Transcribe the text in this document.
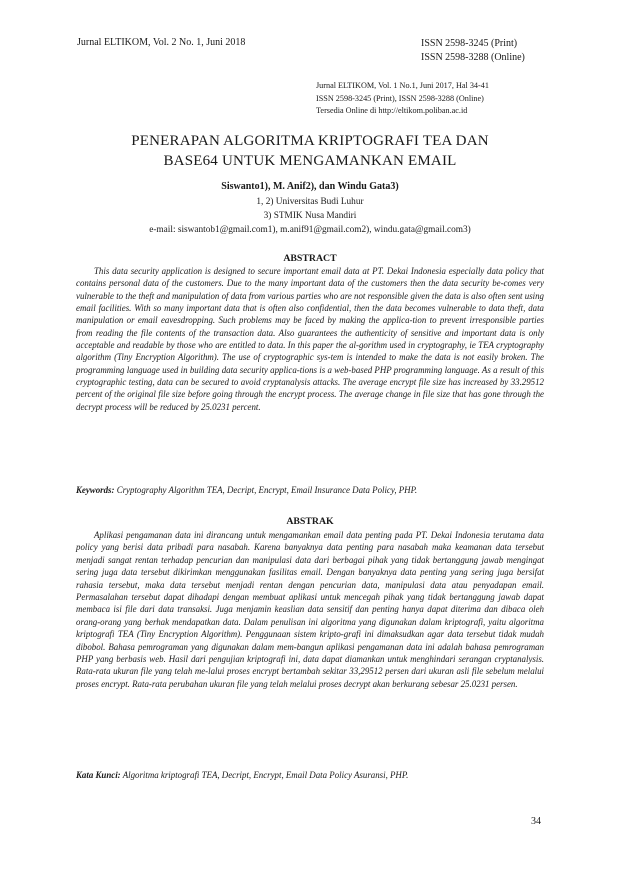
Jurnal ELTIKOM, Vol. 2 No. 1, Juni 2018	ISSN 2598-3245 (Print)
ISSN 2598-3288 (Online)
Jurnal ELTIKOM, Vol. 1 No.1, Juni 2017, Hal 34-41
ISSN 2598-3245 (Print), ISSN 2598-3288 (Online)
Tersedia Online di http://eltikom.poliban.ac.id
PENERAPAN ALGORITMA KRIPTOGRAFI TEA DAN
BASE64 UNTUK MENGAMANKAN EMAIL
Siswanto1), M. Anif2), dan Windu Gata3)
1, 2) Universitas Budi Luhur
3) STMIK Nusa Mandiri
e-mail: siswantob1@gmail.com1), m.anif91@gmail.com2), windu.gata@gmail.com3)
ABSTRACT

This data security application is designed to secure important email data at PT. Dekai Indonesia especially data policy that contains personal data of the customers. Due to the many important data of the customers then the data security be-comes very vulnerable to the theft and manipulation of data from various parties who are not responsible given the data is also often sent using email facilities. With so many important data that is often also confidential, then the data becomes vulnerable to data theft, data manipulation or email eavesdropping. Such problems may be faced by making the applica-tion to prevent irresponsible parties from reading the file contents of the transaction data. Also guarantees the authenticity of sensitive and important data is only acceptable and readable by those who are entitled to data. In this paper the al-gorithm used in cryptography, ie TEA cryptography algorithm (Tiny Encryption Algorithm). The use of cryptographic sys-tem is intended to make the data is not easily broken. The programming language used in building data security applica-tions is a web-based PHP programming language. As a result of this cryptographic testing, data can be secured to avoid cryptanalysis attacks. The average encrypt file size has increased by 33.29512 percent of the original file size before going through the encrypt process. The average change in file size that has gone through the decrypt process will be reduced by 25.0231 percent.

Keywords: Cryptography Algorithm TEA, Decript, Encrypt, Email Insurance Data Policy, PHP.
ABSTRAK

Aplikasi pengamanan data ini dirancang untuk mengamankan email data penting pada PT. Dekai Indonesia terutama data policy yang berisi data pribadi para nasabah. Karena banyaknya data penting para nasabah maka keamanan data tersebut menjadi sangat rentan terhadap pencurian dan manipulasi data dari berbagai pihak yang tidak bertanggung jawab mengingat sering juga data tersebut dikirimkan menggunakan fasilitas email. Dengan banyaknya data penting yang sering juga bersifat rahasia tersebut, maka data tersebut menjadi rentan dengan pencurian data, manipulasi data atau penyadapan email. Permasalahan tersebut dapat dihadapi dengan membuat aplikasi untuk mencegah pihak yang tidak bertanggung jawab dapat membaca isi file dari data transaksi. Juga menjamin keaslian data sensitif dan penting hanya dapat diterima dan dibaca oleh orang-orang yang berhak mendapatkan data. Dalam penulisan ini algoritma yang digunakan dalam kriptografi, yaitu algoritma kriptografi TEA (Tiny Encryption Algorithm). Penggunaan sistem kripto-grafi ini dimaksudkan agar data tersebut tidak mudah dibobol. Bahasa pemrograman yang digunakan dalam mem-bangun aplikasi pengamanan data ini adalah bahasa pemrograman PHP yang berbasis web. Hasil dari pengujian kriptografi ini, data dapat diamankan untuk menghindari serangan cryptanalysis. Rata-rata ukuran file yang telah me-lalui proses encrypt bertambah sekitar 33,29512 persen dari ukuran asli file sebelum melalui proses encrypt. Rata-rata perubahan ukuran file yang telah melalui proses decrypt akan berkurang sebesar 25.0231 persen.

Kata Kunci: Algoritma kriptografi TEA, Decript, Encrypt, Email Data Policy Asuransi, PHP.
34
